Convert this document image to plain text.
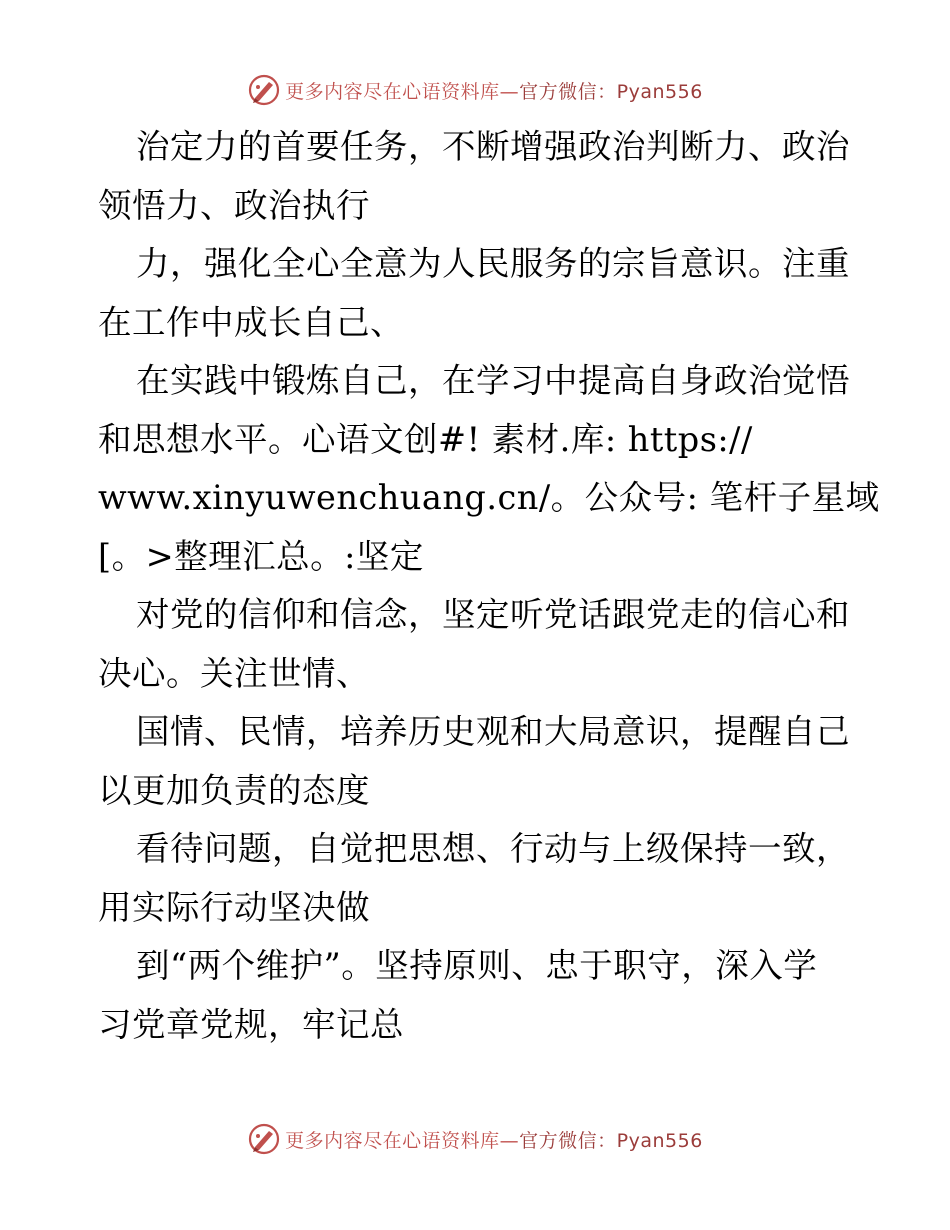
更多内容尽在心语资料库—官方微信：Pyan556
治定力的首要任务，不断增强政治判断力、政治
领悟力、政治执行
力，强化全心全意为人民服务的宗旨意识。注重
在工作中成长自己、
在实践中锻炼自己，在学习中提高自身政治觉悟
和思想水平。心语文创#! 素材.库: https://
www.xinyuwenchuang.cn/。公众号: 笔杆子星域
[。>整理汇总。:坚定
对党的信仰和信念，坚定听党话跟党走的信心和
决心。关注世情、
国情、民情，培养历史观和大局意识，提醒自己
以更加负责的态度
看待问题，自觉把思想、行动与上级保持一致，
用实际行动坚决做
到“两个维护”。坚持原则、忠于职守，深入学
习党章党规，牢记总
更多内容尽在心语资料库—官方微信：Pyan556
